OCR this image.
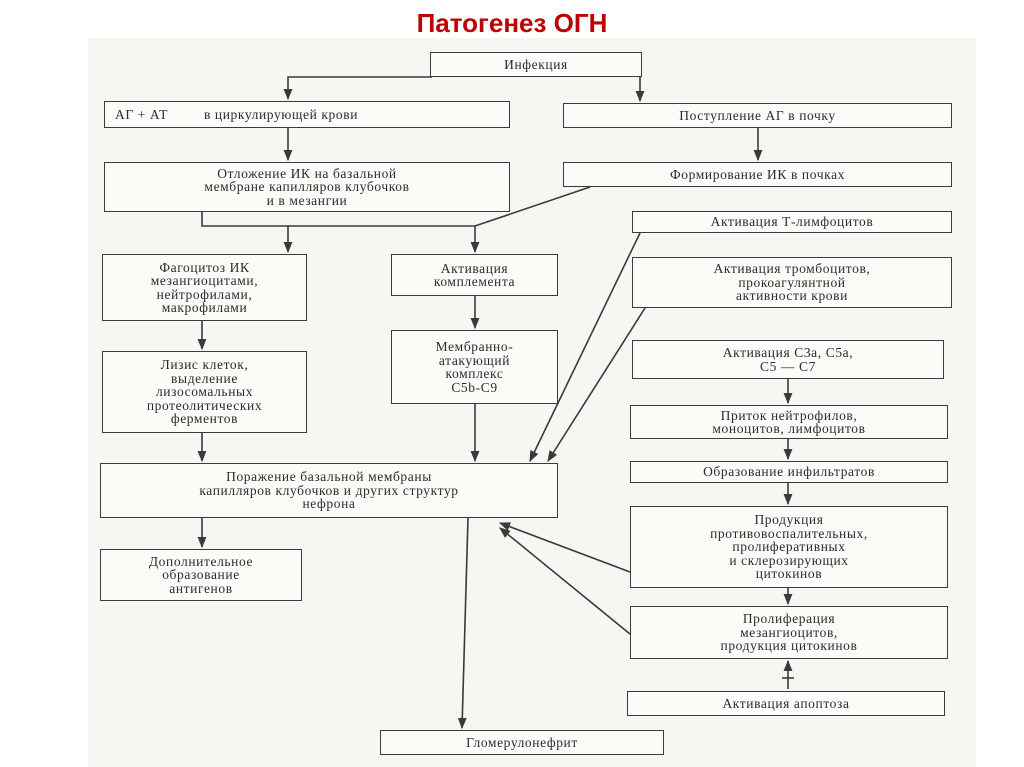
Патогенез ОГН
Инфекция
АГ + АТ	в циркулирующей крови	Поступление АГ в почку
Отложение ИК на базальной
мембране капилляров клубочков
и в мезангии
Формирование ИК в почках
Активация Т-лимфоцитов
Фагоцитоз ИК
мезангиоцитами,
нейтрофилами,
макрофилами
Активация
комплемента
Активация тромбоцитов,
прокоагулянтной
активности крови
Мембранно-
атакующий
комплекс
С5b-С9
Активация С3а, С5а,
С5 — С7
Лизис клеток,
выделение
лизосомальных
протеолитических
ферментов	Приток нейтрофилов,
моноцитов, лимфоцитов
Образование инфильтратов
Поражение базальной мембраны
капилляров клубочков и других структур
нефрона
Продукция
противовоспалительных,
пролиферативных
и склерозирующих
цитокинов
Дополнительное
образование
антигенов
Пролиферация
мезангиоцитов,
продукция цитокинов
Активация апоптоза
Гломерулонефрит
